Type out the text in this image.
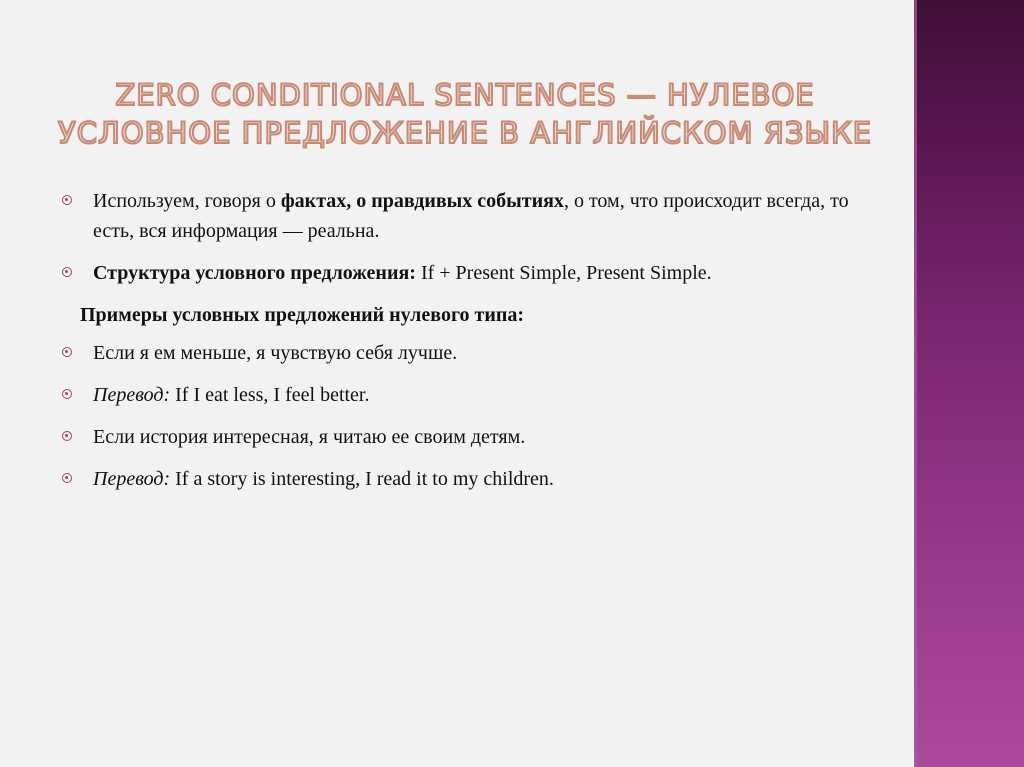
ZERO CONDITIONAL SENTENCES — НУЛЕВОЕ
УСЛОВНОЕ ПРЕДЛОЖЕНИЕ В АНГЛИЙСКОМ ЯЗЫКЕ
Используем, говоря о фактах, о правдивых событиях, о том, что происходит всегда, то есть, вся информация — реальна.
Структура условного предложения: If + Present Simple, Present Simple.
Примеры условных предложений нулевого типа:
Если я ем меньше, я чувствую себя лучше.
Перевод: If I eat less, I feel better.
Если история интересная, я читаю ее своим детям.
Перевод: If a story is interesting, I read it to my children.
